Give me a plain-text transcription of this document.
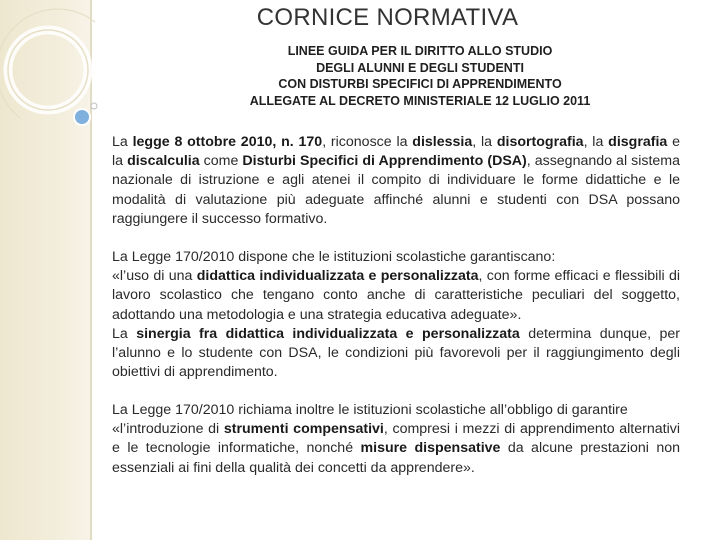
CORNICE NORMATIVA
LINEE GUIDA PER IL DIRITTO ALLO STUDIO
DEGLI ALUNNI E DEGLI STUDENTI
CON DISTURBI SPECIFICI DI APPRENDIMENTO
ALLEGATE AL DECRETO MINISTERIALE 12 LUGLIO 2011
La legge 8 ottobre 2010, n. 170, riconosce la dislessia, la disortografia, la disgrafia e la discalculia come Disturbi Specifici di Apprendimento (DSA), assegnando al sistema nazionale di istruzione e agli atenei il compito di individuare le forme didattiche e le modalità di valutazione più adeguate affinché alunni e studenti con DSA possano raggiungere il successo formativo.
La Legge 170/2010 dispone che le istituzioni scolastiche garantiscano:
«l’uso di una didattica individualizzata e personalizzata, con forme efficaci e flessibili di lavoro scolastico che tengano conto anche di caratteristiche peculiari del soggetto, adottando una metodologia e una strategia educativa adeguate».
La sinergia fra didattica individualizzata e personalizzata determina dunque, per l’alunno e lo studente con DSA, le condizioni più favorevoli per il raggiungimento degli obiettivi di apprendimento.
La Legge 170/2010 richiama inoltre le istituzioni scolastiche all’obbligo di garantire
«l’introduzione di strumenti compensativi, compresi i mezzi di apprendimento alternativi e le tecnologie informatiche, nonché misure dispensative da alcune prestazioni non essenziali ai fini della qualità dei concetti da apprendere».
